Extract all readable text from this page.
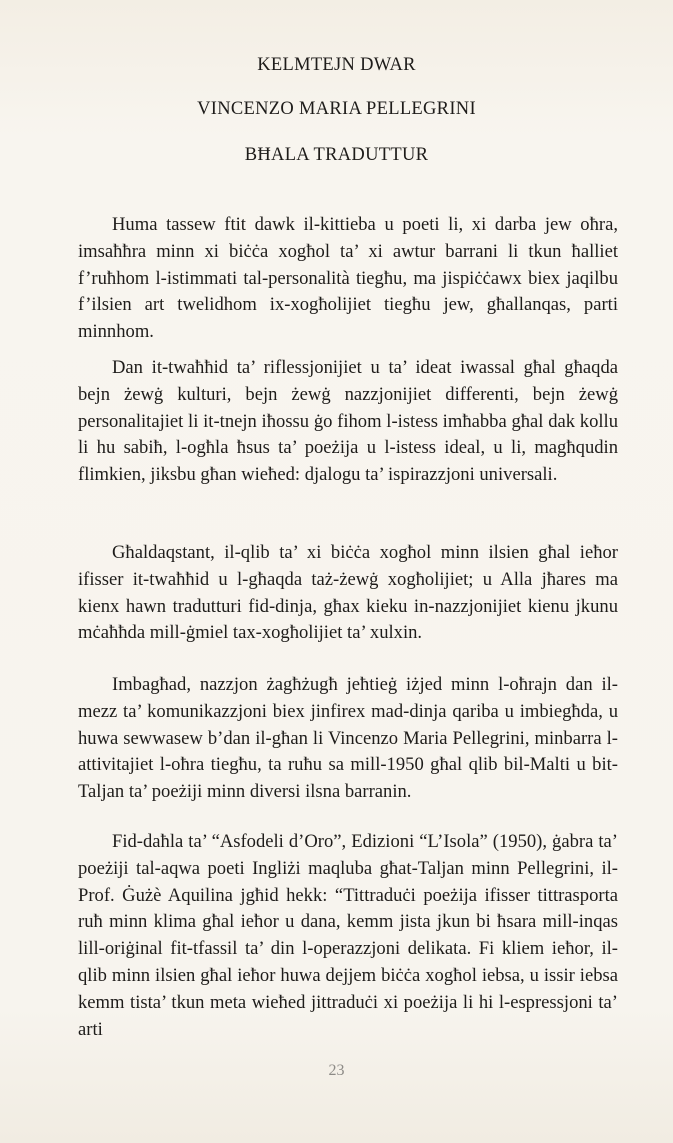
KELMTEJN DWAR
VINCENZO MARIA PELLEGRINI
BĦALA TRADUTTUR

Huma tassew ftit dawk il-kittieba u poeti li, xi darba jew oħra, imsaħħra minn xi biċċa xogħol ta’ xi awtur barrani li tkun ħalliet f’ruħhom l-istimmati tal-personalità tiegħu, ma jispiċċawx biex jaqilbu f’ilsien art twelidhom ix-xogħolijiet tiegħu jew, għallanqas, parti minnhom.

Dan it-twaħħid ta’ riflessjonijiet u ta’ ideat iwassal għal għaqda bejn żewġ kulturi, bejn żewġ nazzjonijiet differenti, bejn żewġ personalitajiet li it-tnejn iħossu ġo fihom l-istess imħabba għal dak kollu li hu sabiħ, l-ogħla ħsus ta’ poeżija u l-istess ideal, u li, magħqudin flimkien, jiksbu għan wieħed: djalogu ta’ ispirazzjoni universali.

Għaldaqstant, il-qlib ta’ xi biċċa xogħol minn ilsien għal ieħor ifisser it-twaħħid u l-għaqda taż-żewġ xogħolijiet; u Alla jħares ma kienx hawn tradutturi fid-dinja, għax kieku in-nazzjonijiet kienu jkunu mċaħħda mill-ġmiel tax-xogħolijiet ta’ xulxin.

Imbagħad, nazzjon żagħżugħ jeħtieġ iżjed minn l-oħrajn dan il-mezz ta’ komunikazzjoni biex jinfirex mad-dinja qariba u imbiegħda, u huwa sewwasew b’dan il-għan li Vincenzo Maria Pellegrini, minbarra l-attivitajiet l-oħra tiegħu, ta ruħu sa mill-1950 għal qlib bil-Malti u bit-Taljan ta’ poeżiji minn diversi ilsna barranin.

Fid-daħla ta’ “Asfodeli d’Oro”, Edizioni “L’Isola” (1950), ġabra ta’ poeżiji tal-aqwa poeti Ingliżi maqluba għat-Taljan minn Pellegrini, il-Prof. Ġużè Aquilina jgħid hekk: “Tittraduċi poeżija ifisser tittrasporta ruħ minn klima għal ieħor u dana, kemm jista jkun bi ħsara mill-inqas lill-oriġinal fit-tfassil ta’ din l-operazzjoni delikata. Fi kliem ieħor, il-qlib minn ilsien għal ieħor huwa dejjem biċċa xogħol iebsa, u issir iebsa kemm tista’ tkun meta wieħed jittraduċi xi poeżija li hi l-espressjoni ta’ arti

23
